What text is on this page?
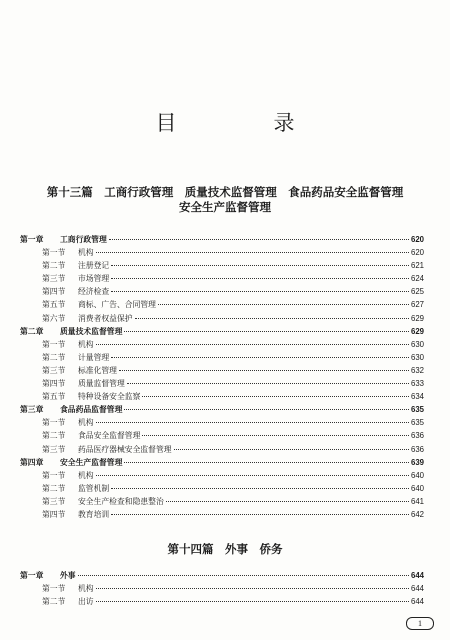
目　录
第十三篇　工商行政管理　质量技术监督管理　食品药品安全监督管理
安全生产监督管理
第一章	工商行政管理	620
第一节	机构	620
第二节	注册登记	621
第三节	市场管理	624
第四节	经济检查	625
第五节	商标、广告、合同管理	627
第六节	消费者权益保护	629
第二章	质量技术监督管理	629
第一节	机构	630
第二节	计量管理	630
第三节	标准化管理	632
第四节	质量监督管理	633
第五节	特种设备安全监察	634
第三章	食品药品监督管理	635
第一节	机构	635
第二节	食品安全监督管理	636
第三节	药品医疗器械安全监督管理	636
第四章	安全生产监督管理	639
第一节	机构	640
第二节	监管机制	640
第三节	安全生产检查和隐患整治	641
第四节	教育培训	642
第十四篇　外事　侨务
第一章	外事	644
第一节	机构	644
第二节	出访	644
1
